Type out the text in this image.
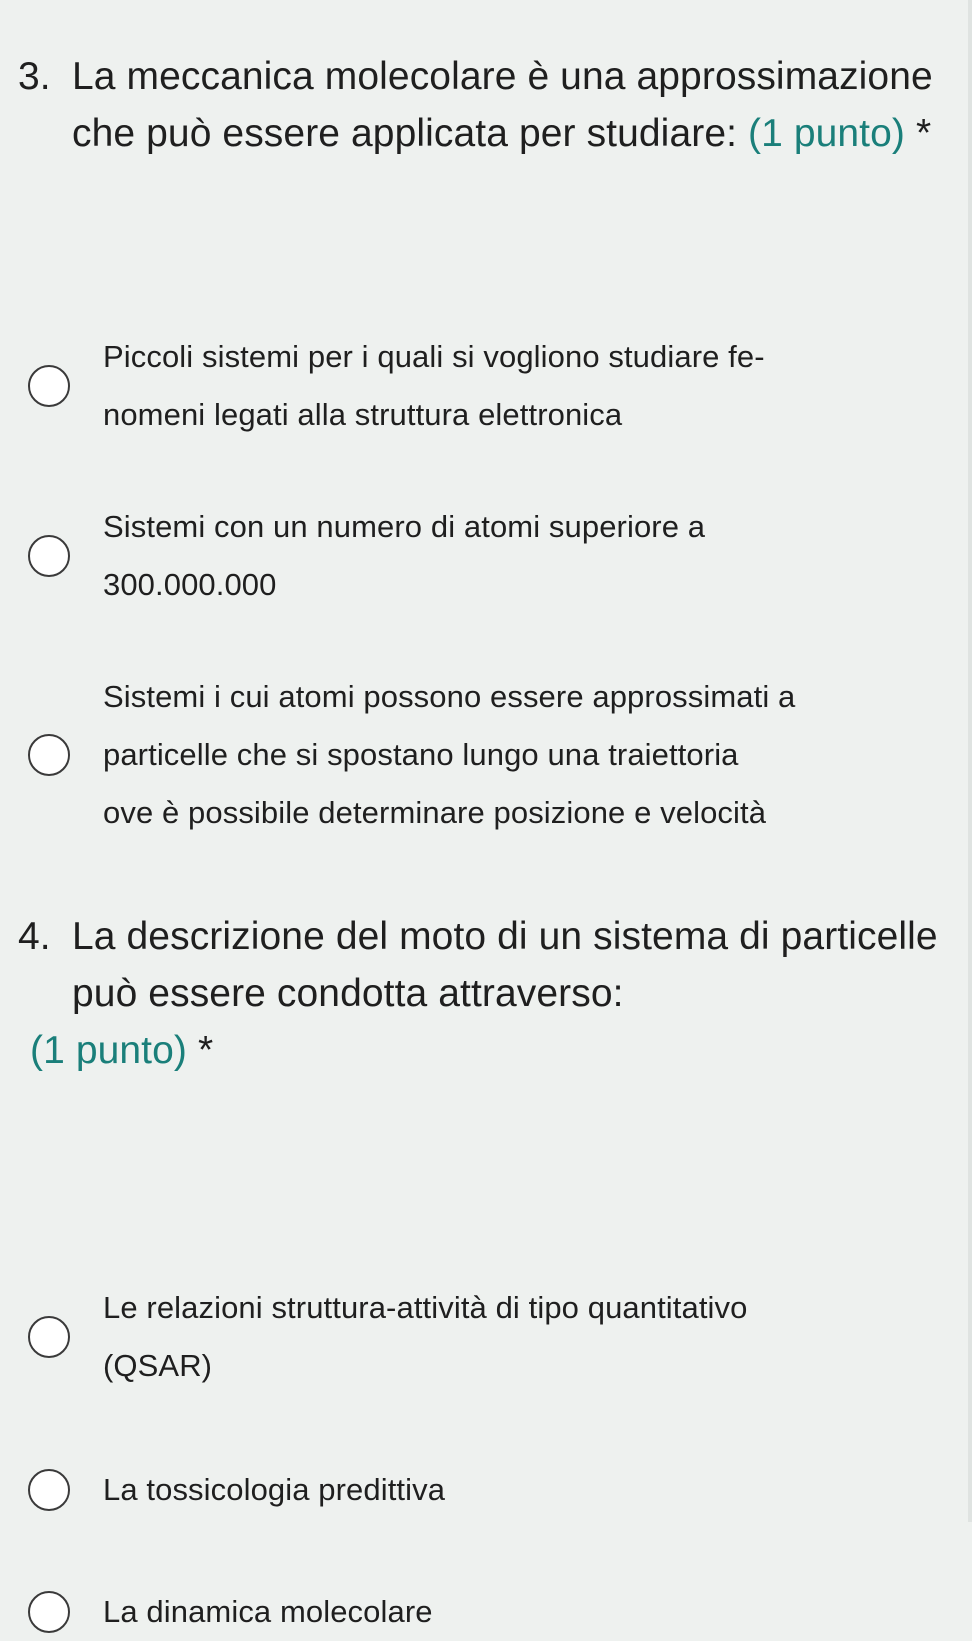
3. La meccanica molecolare è una approssimazione che può essere applicata per studiare: (1 punto) *
Piccoli sistemi per i quali si vogliono studiare fe-
nomeni legati alla struttura elettronica
Sistemi con un numero di atomi superiore a
300.000.000
Sistemi i cui atomi possono essere approssimati a
particelle che si spostano lungo una traiettoria
ove è possibile determinare posizione e velocità
4. La descrizione del moto di un sistema di particelle può essere condotta attraverso:
(1 punto) *
Le relazioni struttura-attività di tipo quantitativo
(QSAR)
La tossicologia predittiva
La dinamica molecolare
